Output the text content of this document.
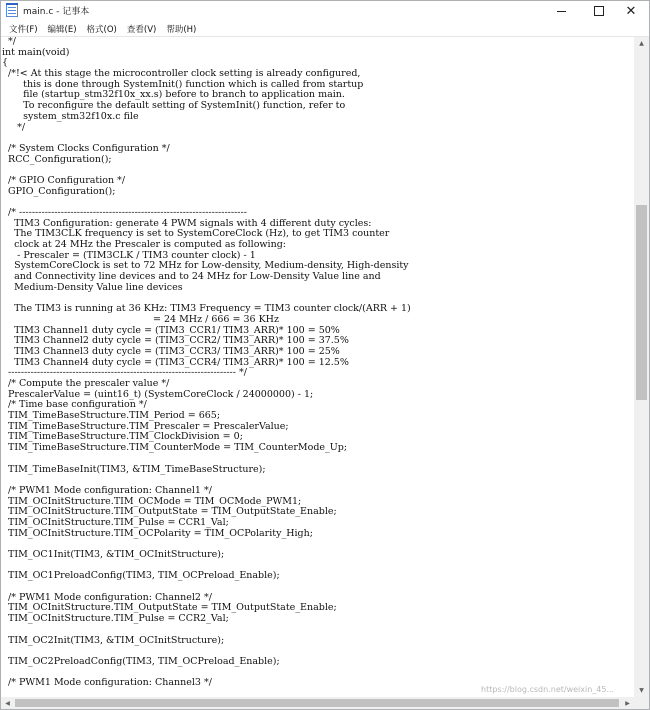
main.c - 记事本	✕
文件(F)	编辑(E)	格式(O)	查看(V)	帮助(H)
*/
int main(void)
{
/*!< At this stage the microcontroller clock setting is already configured,
this is done through SystemInit() function which is called from startup
file (startup_stm32f10x_xx.s) before to branch to application main.
To reconfigure the default setting of SystemInit() function, refer to
system_stm32f10x.c file
*/
/* System Clocks Configuration */
RCC_Configuration();
/* GPIO Configuration */
GPIO_Configuration();
/* -----------------------------------------------------------------------
TIM3 Configuration: generate 4 PWM signals with 4 different duty cycles:
The TIM3CLK frequency is set to SystemCoreClock (Hz), to get TIM3 counter
clock at 24 MHz the Prescaler is computed as following:
- Prescaler = (TIM3CLK / TIM3 counter clock) - 1
SystemCoreClock is set to 72 MHz for Low-density, Medium-density, High-density
and Connectivity line devices and to 24 MHz for Low-Density Value line and
Medium-Density Value line devices
The TIM3 is running at 36 KHz: TIM3 Frequency = TIM3 counter clock/(ARR + 1)
= 24 MHz / 666 = 36 KHz
TIM3 Channel1 duty cycle = (TIM3_CCR1/ TIM3_ARR)* 100 = 50%
TIM3 Channel2 duty cycle = (TIM3_CCR2/ TIM3_ARR)* 100 = 37.5%
TIM3 Channel3 duty cycle = (TIM3_CCR3/ TIM3_ARR)* 100 = 25%
TIM3 Channel4 duty cycle = (TIM3_CCR4/ TIM3_ARR)* 100 = 12.5%
----------------------------------------------------------------------- */
/* Compute the prescaler value */
PrescalerValue = (uint16_t) (SystemCoreClock / 24000000) - 1;
/* Time base configuration */
TIM_TimeBaseStructure.TIM_Period = 665;
TIM_TimeBaseStructure.TIM_Prescaler = PrescalerValue;
TIM_TimeBaseStructure.TIM_ClockDivision = 0;
TIM_TimeBaseStructure.TIM_CounterMode = TIM_CounterMode_Up;
TIM_TimeBaseInit(TIM3, &TIM_TimeBaseStructure);
/* PWM1 Mode configuration: Channel1 */
TIM_OCInitStructure.TIM_OCMode = TIM_OCMode_PWM1;
TIM_OCInitStructure.TIM_OutputState = TIM_OutputState_Enable;
TIM_OCInitStructure.TIM_Pulse = CCR1_Val;
TIM_OCInitStructure.TIM_OCPolarity = TIM_OCPolarity_High;
TIM_OC1Init(TIM3, &TIM_OCInitStructure);
TIM_OC1PreloadConfig(TIM3, TIM_OCPreload_Enable);
/* PWM1 Mode configuration: Channel2 */
TIM_OCInitStructure.TIM_OutputState = TIM_OutputState_Enable;
TIM_OCInitStructure.TIM_Pulse = CCR2_Val;
TIM_OC2Init(TIM3, &TIM_OCInitStructure);
TIM_OC2PreloadConfig(TIM3, TIM_OCPreload_Enable);
/* PWM1 Mode configuration: Channel3 */
▲
▼
◀	▶
https://blog.csdn.net/weixin_45...
